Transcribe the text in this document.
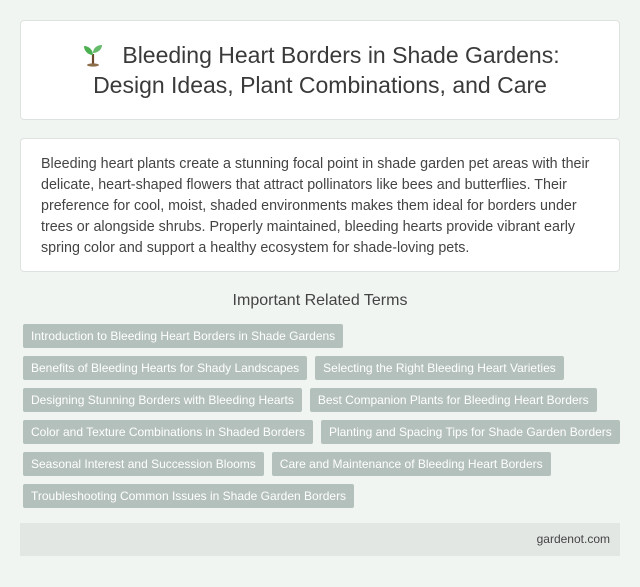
Bleeding Heart Borders in Shade Gardens: Design Ideas, Plant Combinations, and Care

Bleeding heart plants create a stunning focal point in shade garden pet areas with their delicate, heart-shaped flowers that attract pollinators like bees and butterflies. Their preference for cool, moist, shaded environments makes them ideal for borders under trees or alongside shrubs. Properly maintained, bleeding hearts provide vibrant early spring color and support a healthy ecosystem for shade-loving pets.

Important Related Terms
Introduction to Bleeding Heart Borders in Shade Gardens
Benefits of Bleeding Hearts for Shady Landscapes	Selecting the Right Bleeding Heart Varieties
Designing Stunning Borders with Bleeding Hearts	Best Companion Plants for Bleeding Heart Borders
Color and Texture Combinations in Shaded Borders	Planting and Spacing Tips for Shade Garden Borders
Seasonal Interest and Succession Blooms	Care and Maintenance of Bleeding Heart Borders
Troubleshooting Common Issues in Shade Garden Borders
gardenot.com
